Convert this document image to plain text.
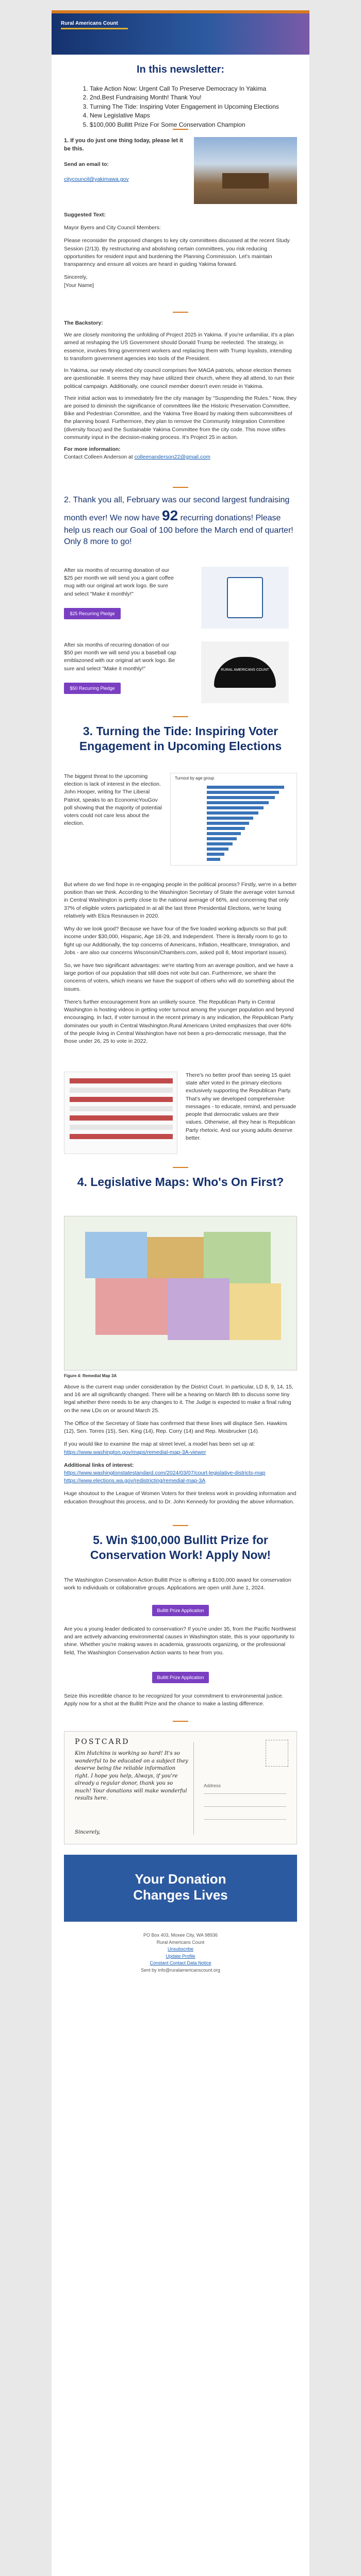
Rural Americans Count
In this newsletter:
1. Take Action Now: Urgent Call To Preserve Democracy In Yakima
2. 2nd.Best Fundraising Month! Thank You!
3. Turning The Tide: Inspiring Voter Engagement in Upcoming Elections
4. New Legislative Maps
5. $100,000 Bullitt Prize For Some Conservation Champion

1. If you do just one thing today, please let it be this.

Send an email to:

citycouncil@yakimawa.gov

Suggested Text:

Mayor Byers and City Council Members:

Please reconsider the proposed changes to key city committees discussed at the recent Study Session (2/13). By restructuring and abolishing certain committees, you risk reducing opportunities for resident input and burdening the Planning Commission. Let's maintain transparency and ensure all voices are heard in guiding Yakima forward.

Sincerely,

[Your Name]

The Backstory:

We are closely monitoring the unfolding of Project 2025 in Yakima. If you're unfamiliar, it's a plan aimed at reshaping the US Government should Donald Trump be reelected. The strategy, in essence, involves firing government workers and replacing them with Trump loyalists, intending to transform government agencies into tools of the President.

In Yakima, our newly elected city council comprises five MAGA patriots, whose election themes are questionable. It seems they may have utilized their church, where they all attend, to run their political campaign. Additionally, one council member doesn't even reside in Yakima.

Their initial action was to immediately fire the city manager by "Suspending the Rules." Now, they are poised to diminish the significance of committees like the Historic Preservation Committee, Bike and Pedestrian Committee, and the Yakima Tree Board by making them subcommittees of the planning board. Furthermore, they plan to remove the Community Integration Committee (diversity focus) and the Sustainable Yakima Committee from the city code. This move stifles community input in the decision-making process. It's Project 25 in action.

For more information:

Contact Colleen Anderson at colleenanderson22@gmail.com

2. Thank you all, February was our second largest fundraising month ever! We now have 92 recurring donations! Please help us reach our Goal of 100 before the March end of quarter! Only 8 more to go!
After six months of recurring donation of our $25 per month we will send you a giant coffee mug with our original art work logo. Be sure and select "Make it monthly!"
$25 Recurring Pledge
After six months of recurring donation of our $50 per month we will send you a baseball cap emblazoned with our original art work logo. Be sure and select "Make it monthly!"
$50 Recurring Pledge
RURAL AMERICANS COUNT
3. Turning the Tide: Inspiring Voter Engagement in Upcoming Elections
The biggest threat to the upcoming election is lack of interest in the election. John Hooper, writing for The Liberal Patriot, speaks to an EconomicYouGov poll showing that the majority of potential voters could not care less about the election.
Turnout by age group

But where do we find hope in re-engaging people in the political process? Firstly, we're in a better position than we think. According to the Washington Secretary of State the average voter turnout in Central Washington is pretty close to the national average of 66%, and concerning that only 37% of eligible voters participated in at all the last three Presidential Elections, we're losing relatively with Eliza Resnausen in 2020.

Why do we look good? Because we have four of the five loaded working adjuncts so that pull: income under $30,000, Hispanic, Age 18-29, and Independent. There is literally room to go to fight up our Additionally, the top concerns of Americans, Inflation, Healthcare, Immigration, and Jobs - are also our concerns Wisconsin/Chambers.com, asked poll 8, Most important issues).

So, we have two significant advantages: we're starting from an average position, and we have a large portion of our population that still does not vote but can. Furthermore, we share the concerns of voters, which means we have the support of others who will do something about the issues.

There's further encouragement from an unlikely source. The Republican Party in Central Washington is hosting videos in getting voter turnout among the younger population and beyond encouraging. In fact, if voter turnout in the recent primary is any indication, the Republican Party dominates our youth in Central Washington.Rural Americans United emphasizes that over 60% of the people living in Central Washington have not been a pro-democratic message, that the those under 26, 25 to vote in 2022.

There's no better proof than seeing 15 quiet state after voted in the primary elections exclusively supporting the Republican Party. That's why we developed comprehensive messages - to educate, remind, and persuade people that democratic values are their values. Otherwise, all they hear is Republican Party rhetoric. And our young adults deserve better.
4. Legislative Maps: Who's On First?
Figure 4: Remedial Map 3A

Above is the current map under consideration by the District Court. In particular, LD 8, 9, 14, 15, and 16 are all significantly changed. There will be a hearing on March 8th to discuss some tiny legal whether there needs to be any changes to it. The Judge is expected to make a final ruling on the new LDs on or around March 25.

The Office of the Secretary of State has confirmed that these lines will displace Sen. Hawkins (12), Sen. Torres (15), Sen. King (14), Rep. Corry (14) and Rep. Mosbrucker (14).

If you would like to examine the map at street level, a model has been set up at:

https://www.washington.gov/maps/remedial-map-3A-viewer

Additional links of interest:

https://www.washingtonstatestandard.com/2024/03/07/court-legislative-districts-map

https://www.elections.wa.gov/redistricting/remedial-map-3A

Huge shoutout to the League of Women Voters for their tireless work in providing information and education throughout this process, and to Dr. John Kennedy for providing the above information.

5. Win $100,000 Bullitt Prize for Conservation Work! Apply Now!
The Washington Conservation Action Bullitt Prize is offering a $100,000 award for conservation work to individuals or collaborative groups. Applications are open until June 1, 2024.
Bullitt Prize Application
Are you a young leader dedicated to conservation? If you're under 35, from the Pacific Northwest and are actively advancing environmental causes in Washington state, this is your opportunity to shine. Whether you're making waves in academia, grassroots organizing, or the professional field, The Washington Conservation Action wants to hear from you.
Bullitt Prize Application
Seize this incredible chance to be recognized for your commitment to environmental justice. Apply now for a shot at the Bullitt Prize and the chance to make a lasting difference.
POSTCARD
Kim Hutchins is working so hard! It's so wonderful to be educated on a subject they deserve being the reliable information right. I hope you help, Always, if you're already a regular donor, thank you so much! Your donations will make wonderful results here.
Sincerely,
Address
Your Donation
Changes Lives

PO Box 403, Moxee City, WA 98936

Rural Americans Count

Unsubscribe

Update Profile

Constant Contact Data Notice

Sent by info@ruralamericanscount.org
